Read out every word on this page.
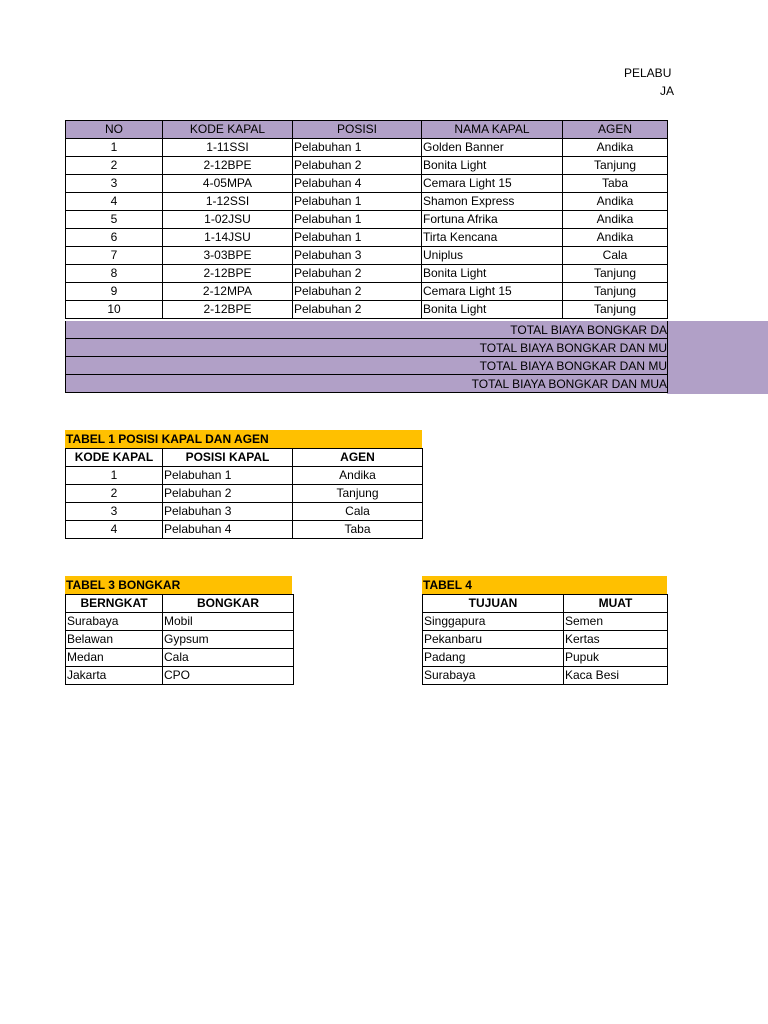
PELABU
JA
NO	KODE KAPAL	POSISI	NAMA KAPAL	AGEN
1	1-11SSI	Pelabuhan 1	Golden Banner	Andika
2	2-12BPE	Pelabuhan 2	Bonita Light	Tanjung
3	4-05MPA	Pelabuhan 4	Cemara Light 15	Taba
4	1-12SSI	Pelabuhan 1	Shamon Express	Andika
5	1-02JSU	Pelabuhan 1	Fortuna Afrika	Andika
6	1-14JSU	Pelabuhan 1	Tirta Kencana	Andika
7	3-03BPE	Pelabuhan 3	Uniplus	Cala
8	2-12BPE	Pelabuhan 2	Bonita Light	Tanjung
9	2-12MPA	Pelabuhan 2	Cemara Light 15	Tanjung
10	2-12BPE	Pelabuhan 2	Bonita Light	Tanjung
TOTAL BIAYA BONGKAR DA
TOTAL BIAYA BONGKAR DAN MU
TOTAL BIAYA BONGKAR DAN MU
TOTAL BIAYA BONGKAR DAN MUA
TABEL 1 POSISI KAPAL DAN AGEN
KODE KAPAL	POSISI KAPAL	AGEN
1	Pelabuhan 1	Andika
2	Pelabuhan 2	Tanjung
3	Pelabuhan 3	Cala
4	Pelabuhan 4	Taba
TABEL 3 BONGKAR
BERNGKAT	BONGKAR
Surabaya	Mobil
Belawan	Gypsum
Medan	Cala
Jakarta	CPO
TABEL 4
TUJUAN	MUAT
Singgapura	Semen
Pekanbaru	Kertas
Padang	Pupuk
Surabaya	Kaca Besi
